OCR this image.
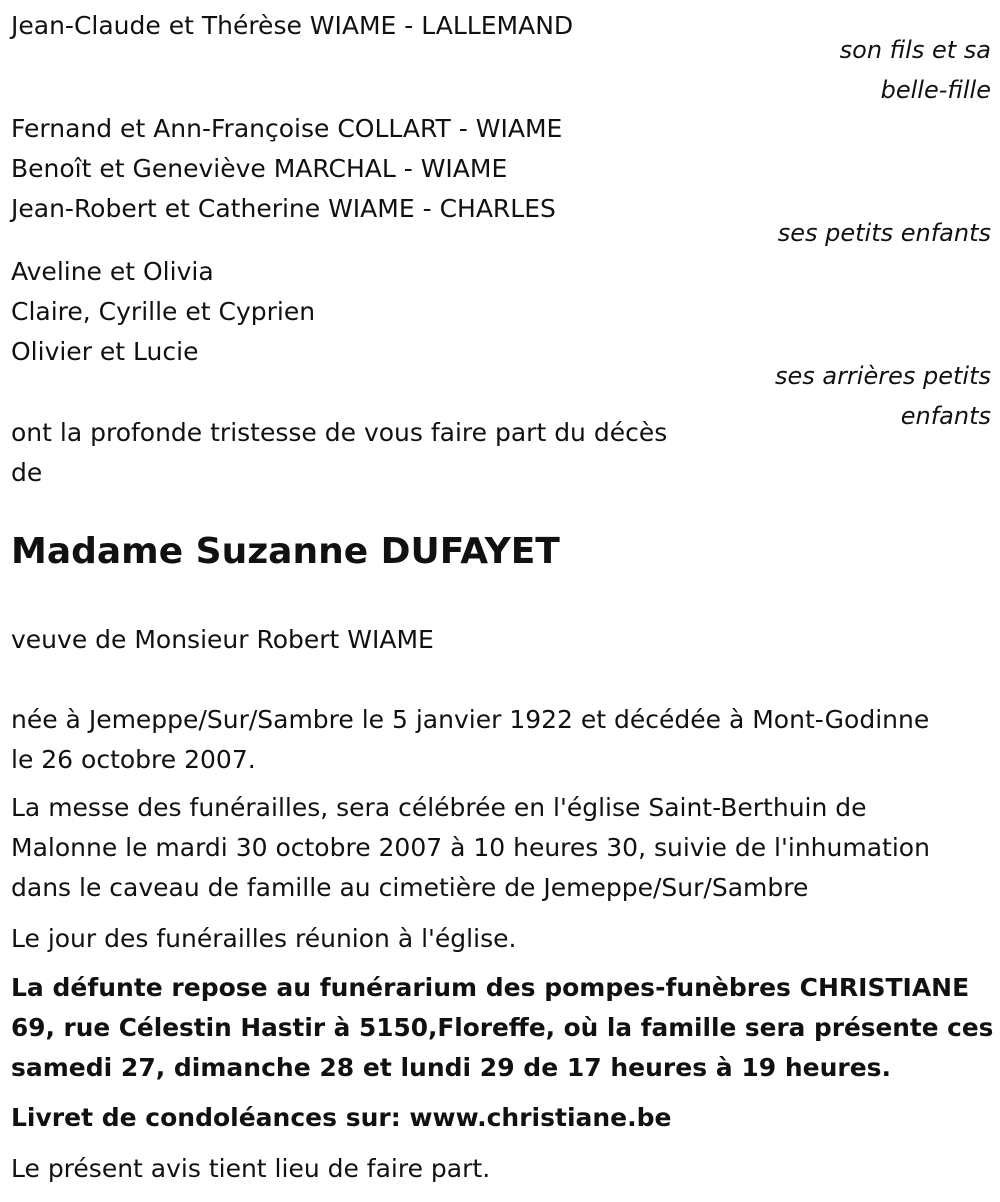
Jean-Claude et Thérèse WIAME - LALLEMAND
son fils et sa
belle-fille
Fernand et Ann-Françoise COLLART - WIAME
Benoît et Geneviève MARCHAL - WIAME
Jean-Robert et Catherine WIAME - CHARLES
ses petits enfants
Aveline et Olivia
Claire, Cyrille et Cyprien
Olivier et Lucie
ses arrières petits
enfants
ont la profonde tristesse de vous faire part du décès
de
Madame Suzanne DUFAYET
veuve de Monsieur Robert WIAME
née à Jemeppe/Sur/Sambre le 5 janvier 1922 et décédée à Mont-Godinne
le 26 octobre 2007.
La messe des funérailles, sera célébrée en l'église Saint-Berthuin de
Malonne le mardi 30 octobre 2007 à 10 heures 30, suivie de l'inhumation
dans le caveau de famille au cimetière de Jemeppe/Sur/Sambre
Le jour des funérailles réunion à l'église.
La défunte repose au funérarium des pompes-funèbres CHRISTIANE
69, rue Célestin Hastir à 5150,Floreffe, où la famille sera présente ces
samedi 27, dimanche 28 et lundi 29 de 17 heures à 19 heures.
Livret de condoléances sur: www.christiane.be
Le présent avis tient lieu de faire part.
